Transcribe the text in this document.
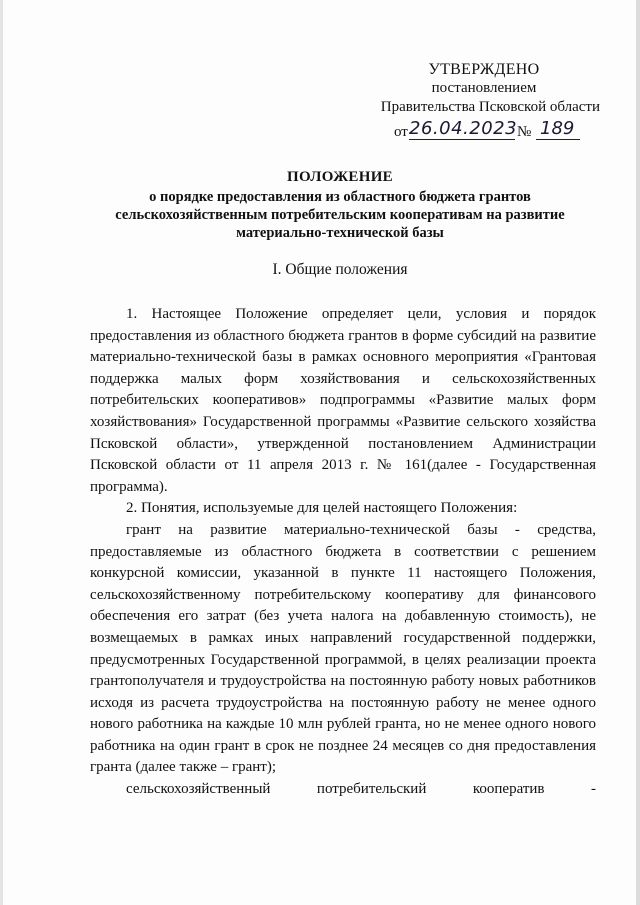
УТВЕРЖДЕНО
постановлением
Правительства Псковской области
от 26.04.2023 № 189
ПОЛОЖЕНИЕ
о порядке предоставления из областного бюджета грантов
сельскохозяйственным потребительским кооперативам на развитие
материально-технической базы
I. Общие положения

1. Настоящее Положение определяет цели, условия и порядок предоставления из областного бюджета грантов в форме субсидий на развитие материально-технической базы в рамках основного мероприятия «Грантовая поддержка малых форм хозяйствования и сельскохозяйственных потребительских кооперативов» подпрограммы «Развитие малых форм хозяйствования» Государственной программы «Развитие сельского хозяйства Псковской области», утвержденной постановлением Администрации Псковской области от 11 апреля 2013 г. № 161(далее - Государственная программа).

2. Понятия, используемые для целей настоящего Положения:

грант на развитие материально-технической базы - средства, предоставляемые из областного бюджета в соответствии с решением конкурсной комиссии, указанной в пункте 11 настоящего Положения, сельскохозяйственному потребительскому кооперативу для финансового обеспечения его затрат (без учета налога на добавленную стоимость), не возмещаемых в рамках иных направлений государственной поддержки, предусмотренных Государственной программой, в целях реализации проекта грантополучателя и трудоустройства на постоянную работу новых работников исходя из расчета трудоустройства на постоянную работу не менее одного нового работника на каждые 10 млн рублей гранта, но не менее одного нового работника на один грант в срок не позднее 24 месяцев со дня предоставления гранта (далее также – грант);

сельскохозяйственный потребительский кооператив -
